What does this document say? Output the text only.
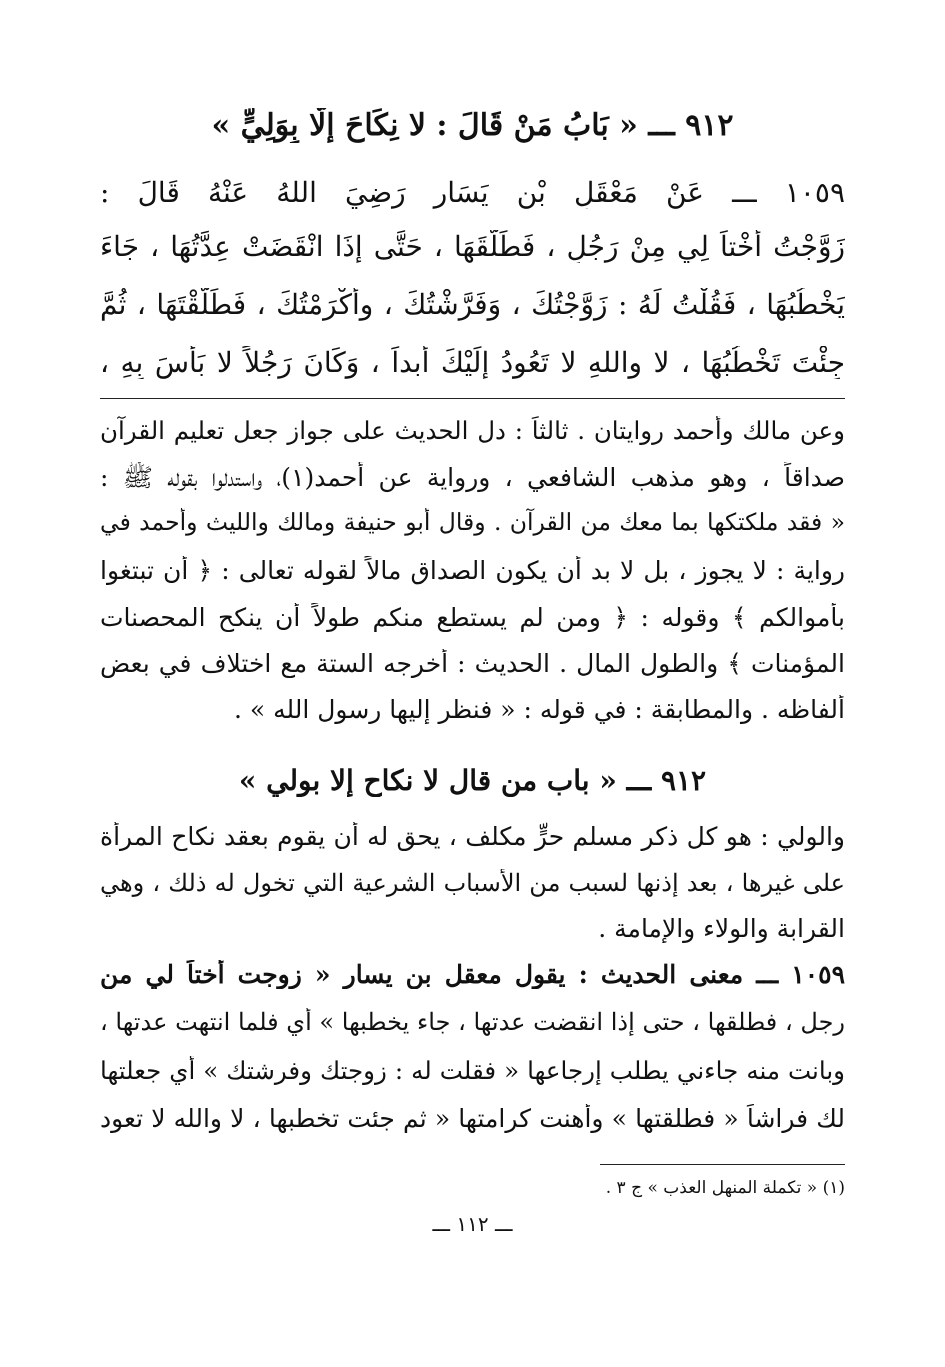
٩١٢ ـــ « بَابُ مَنْ قَالَ : لا نِكَاحَ إِلَّا بِوَلِيٍّ »
١٠٥٩ ـــ عَنْ مَعْقَلِ بْنِ يَسَارٍ رَضِيَ اللهُ عَنْهُ قَالَ :
زَوَّجْتُ أُخْتاً لِي مِنْ رَجُلٍ ، فَطَلَّقَهَا ، حَتَّى إِذَا انْقَضَتْ عِدَّتُهَا ، جَاءَ
يَخْطُبُهَا ، فَقُلْتُ لَهُ : زَوَّجْتُكَ ، وَفَرَّشْتُكَ ، وأَكْرَمْتُكَ ، فَطَلَّقْتَهَا ، ثُمَّ
جِئْتَ تَخْطُبُهَا ، لا واللهِ لا تَعُودُ إِلَيْكَ أَبداً ، وَكَانَ رَجُلاً لا بَأْسَ بِهِ ،
وعن مالك وأحمد روايتان . ثالثاً : دل الحديث على جواز جعل تعليم القرآن
صداقاً ، وهو مذهب الشافعي ، ورواية عن أحمد(١)، واستدلوا بقوله ﷺ :
« فقد ملكتكها بما معك من القرآن . وقال أبو حنيفة ومالك والليث وأحمد في
رواية : لا يجوز ، بل لا بد أن يكون الصداق مالاً لقوله تعالى : ﴿ أن تبتغوا
بأموالكم ﴾ وقوله : ﴿ ومن لم يستطع منكم طولاً أن ينكح المحصنات
المؤمنات ﴾ والطول المال . الحديث : أخرجه الستة مع اختلاف في بعض
ألفاظه . والمطابقة : في قوله : « فنظر إليها رسول الله » .
٩١٢ ـــ « باب من قال لا نكاح إلا بولي »
والولي : هو كل ذكر مسلم حرٍّ مكلف ، يحق له أن يقوم بعقد نكاح المرأة
على غيرها ، بعد إذنها لسبب من الأسباب الشرعية التي تخول له ذلك ، وهي
القرابة والولاء والإمامة .
١٠٥٩ ـــ معنى الحديث : يقول معقل بن يسار « زوجت أختاً لي من
رجل ، فطلقها ، حتى إذا انقضت عدتها ، جاء يخطبها » أي فلما انتهت عدتها ،
وبانت منه جاءني يطلب إرجاعها « فقلت له : زوجتك وفرشتك » أي جعلتها
لك فراشاً « فطلقتها » وأهنت كرامتها « ثم جئت تخطبها ، لا والله لا تعود
(١) « تكملة المنهل العذب » ج ٣ .
ـــ ١١٢ ـــ
